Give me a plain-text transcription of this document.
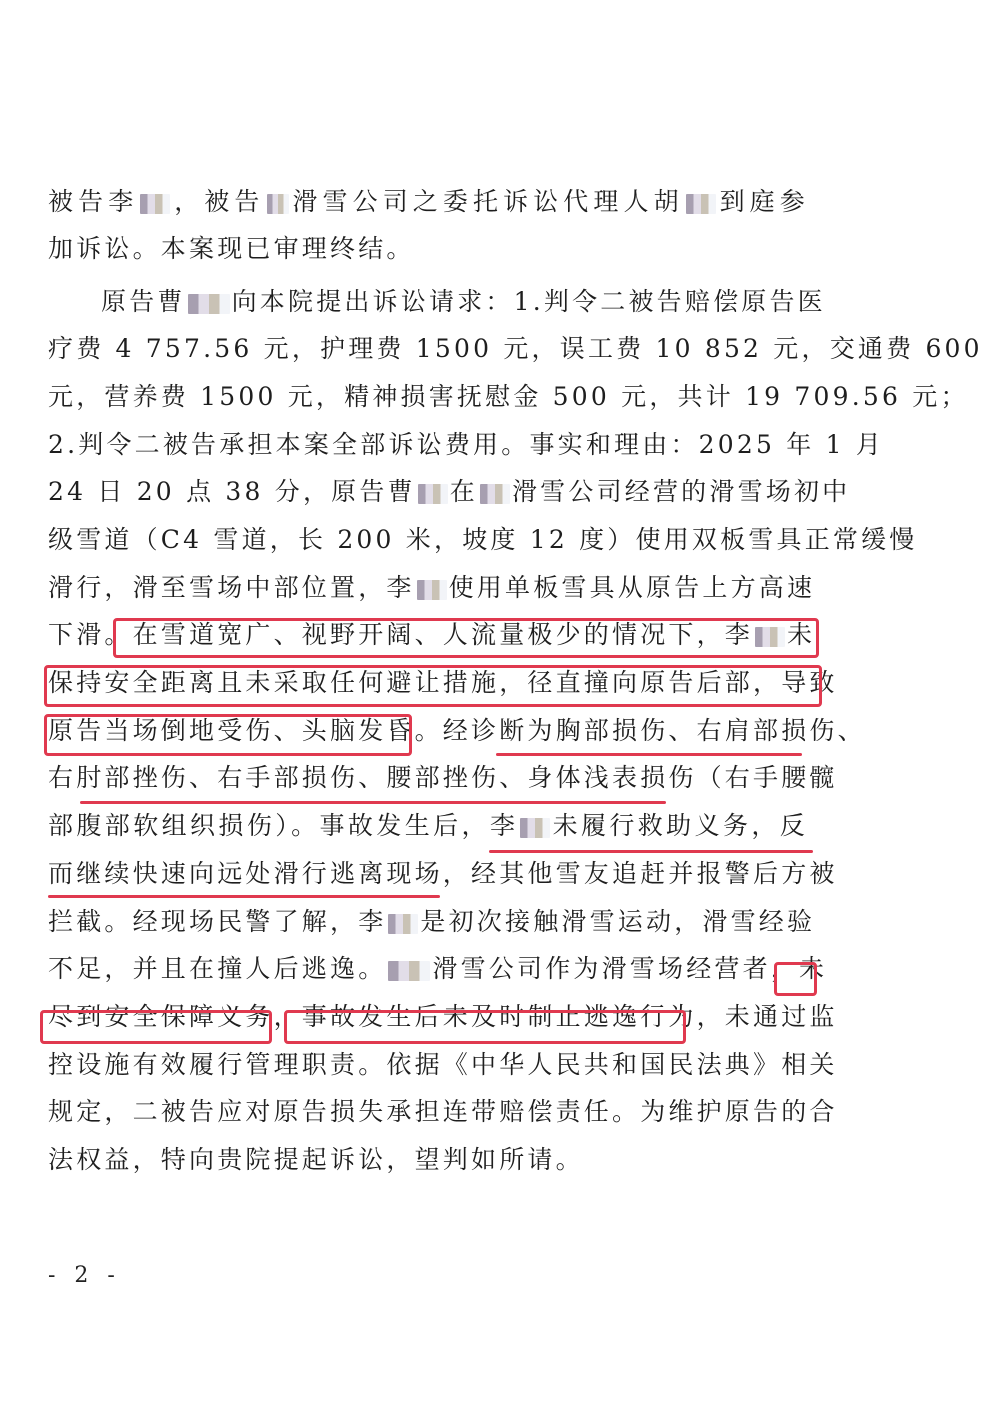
被告李 ，被告 滑雪公司之委托诉讼代理人胡 到庭参
加诉讼。本案现已审理终结。
原告曹 向本院提出诉讼请求：1.判令二被告赔偿原告医
疗费 4 757.56 元，护理费 1500 元，误工费 10 852 元，交通费 600
元，营养费 1500 元，精神损害抚慰金 500 元，共计 19 709.56 元；
2.判令二被告承担本案全部诉讼费用。事实和理由：2025 年 1 月
24 日 20 点 38 分，原告曹 在 滑雪公司经营的滑雪场初中
级雪道（C4 雪道，长 200 米，坡度 12 度）使用双板雪具正常缓慢
滑行，滑至雪场中部位置，李 使用单板雪具从原告上方高速
下滑。在雪道宽广、视野开阔、人流量极少的情况下，李 未
保持安全距离且未采取任何避让措施，径直撞向原告后部，导致
原告当场倒地受伤、头脑发昏。经诊断为胸部损伤、右肩部损伤、
右肘部挫伤、右手部损伤、腰部挫伤、身体浅表损伤（右手腰髋
部腹部软组织损伤）。事故发生后，李 未履行救助义务，反
而继续快速向远处滑行逃离现场，经其他雪友追赶并报警后方被
拦截。经现场民警了解，李 是初次接触滑雪运动，滑雪经验
不足，并且在撞人后逃逸。 滑雪公司作为滑雪场经营者，未
尽到安全保障义务，事故发生后未及时制止逃逸行为，未通过监
控设施有效履行管理职责。依据《中华人民共和国民法典》相关
规定，二被告应对原告损失承担连带赔偿责任。为维护原告的合
法权益，特向贵院提起诉讼，望判如所请。
- 2 -
